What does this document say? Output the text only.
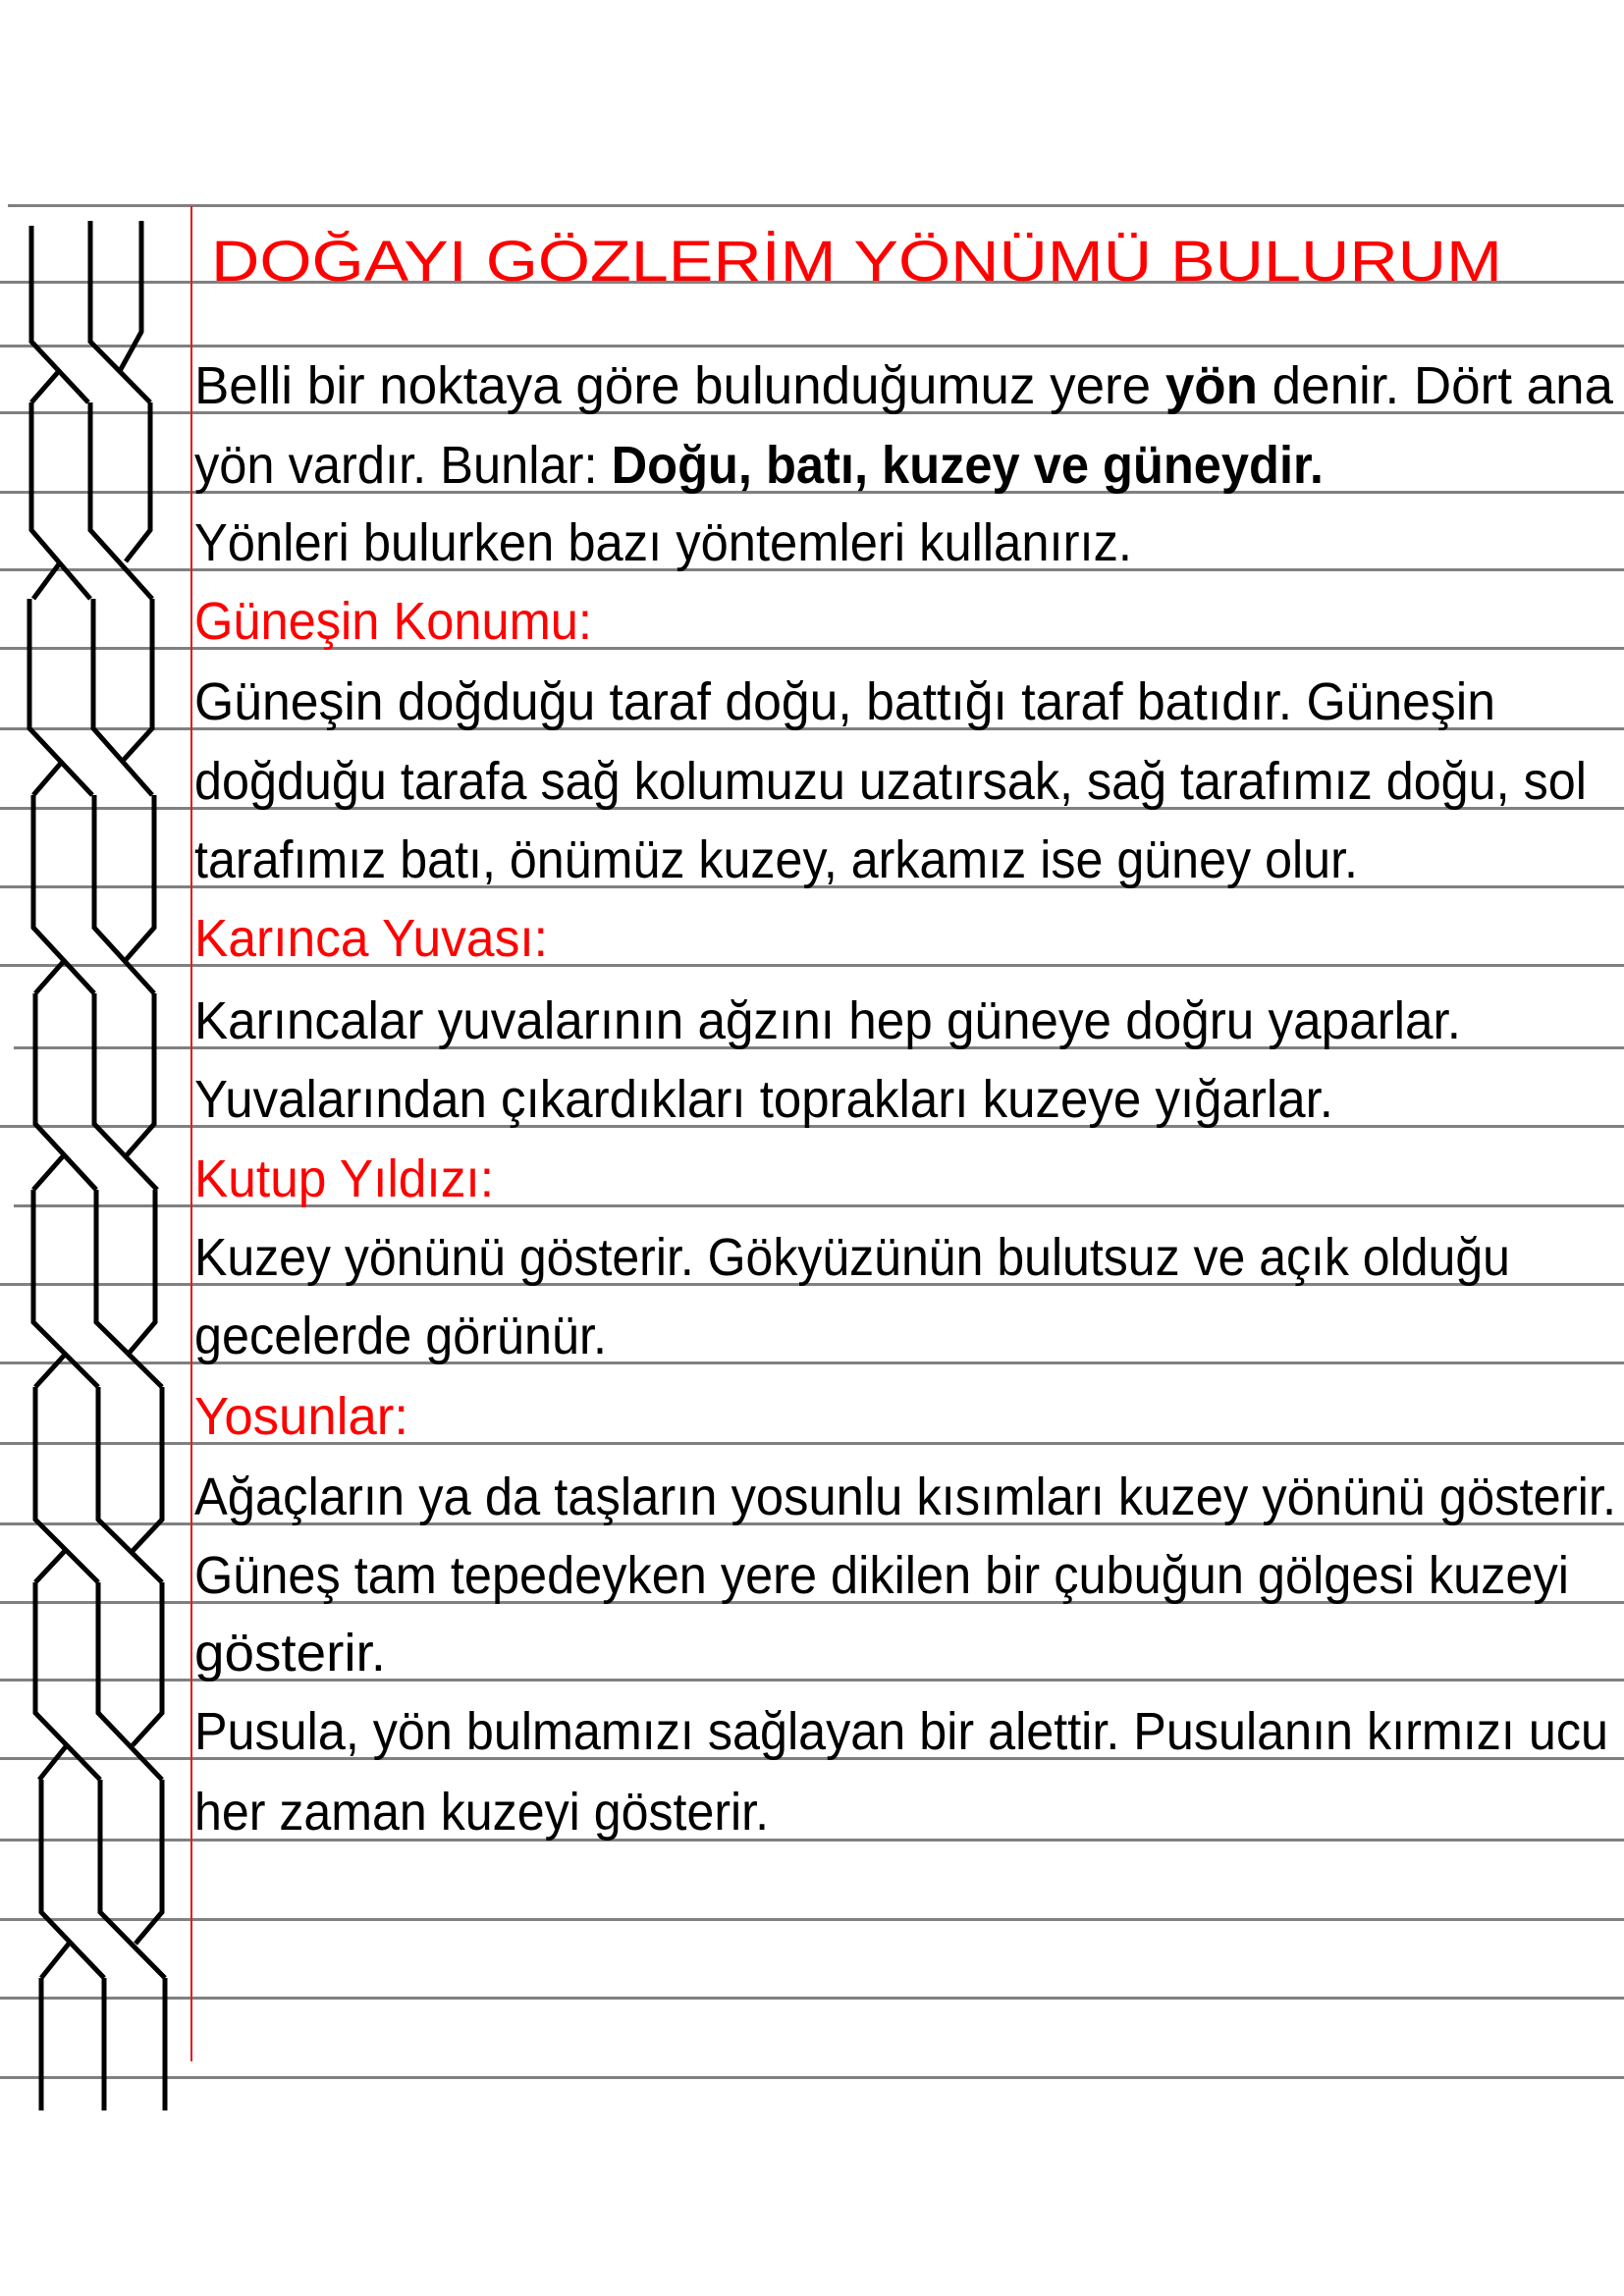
DOĞAYI GÖZLERİM YÖNÜMÜ BULURUM
Belli bir noktaya göre bulunduğumuz yere yön denir. Dört ana
yön vardır. Bunlar: Doğu, batı, kuzey ve güneydir.
Yönleri bulurken bazı yöntemleri kullanırız.
Güneşin Konumu:
Güneşin doğduğu taraf doğu, battığı taraf batıdır. Güneşin
doğduğu tarafa sağ kolumuzu uzatırsak, sağ tarafımız doğu, sol
tarafımız batı, önümüz kuzey, arkamız ise güney olur.
Karınca Yuvası:
Karıncalar yuvalarının ağzını hep güneye doğru yaparlar.
Yuvalarından çıkardıkları toprakları kuzeye yığarlar.
Kutup Yıldızı:
Kuzey yönünü gösterir. Gökyüzünün bulutsuz ve açık olduğu
gecelerde görünür.
Yosunlar:
Ağaçların ya da taşların yosunlu kısımları kuzey yönünü gösterir.
Güneş tam tepedeyken yere dikilen bir çubuğun gölgesi kuzeyi
gösterir.
Pusula, yön bulmamızı sağlayan bir alettir. Pusulanın kırmızı ucu
her zaman kuzeyi gösterir.
